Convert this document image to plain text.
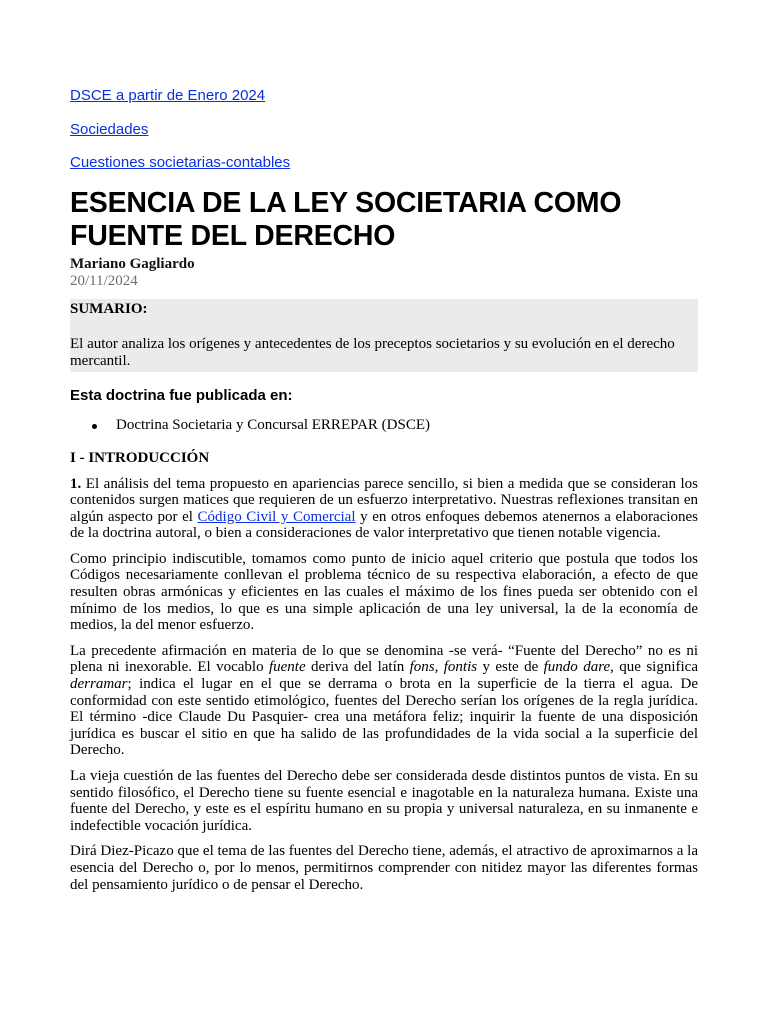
DSCE a partir de Enero 2024
Sociedades
Cuestiones societarias-contables
ESENCIA DE LA LEY SOCIETARIA COMO FUENTE DEL DERECHO
Mariano Gagliardo
20/11/2024

SUMARIO:

El autor analiza los orígenes y antecedentes de los preceptos societarios y su evolución en el derecho mercantil.

Esta doctrina fue publicada en:
Doctrina Societaria y Concursal ERREPAR (DSCE)
I - INTRODUCCIÓN

1. El análisis del tema propuesto en apariencias parece sencillo, si bien a medida que se consideran los contenidos surgen matices que requieren de un esfuerzo interpretativo. Nuestras reflexiones transitan en algún aspecto por el Código Civil y Comercial y en otros enfoques debemos atenernos a elaboraciones de la doctrina autoral, o bien a consideraciones de valor interpretativo que tienen notable vigencia.

Como principio indiscutible, tomamos como punto de inicio aquel criterio que postula que todos los Códigos necesariamente conllevan el problema técnico de su respectiva elaboración, a efecto de que resulten obras armónicas y eficientes en las cuales el máximo de los fines pueda ser obtenido con el mínimo de los medios, lo que es una simple aplicación de una ley universal, la de la economía de medios, la del menor esfuerzo.

La precedente afirmación en materia de lo que se denomina -se verá- “Fuente del Derecho” no es ni plena ni inexorable. El vocablo fuente deriva del latín fons, fontis y este de fundo dare, que significa derramar; indica el lugar en el que se derrama o brota en la superficie de la tierra el agua. De conformidad con este sentido etimológico, fuentes del Derecho serían los orígenes de la regla jurídica. El término -dice Claude Du Pasquier- crea una metáfora feliz; inquirir la fuente de una disposición jurídica es buscar el sitio en que ha salido de las profundidades de la vida social a la superficie del Derecho.

La vieja cuestión de las fuentes del Derecho debe ser considerada desde distintos puntos de vista. En su sentido filosófico, el Derecho tiene su fuente esencial e inagotable en la naturaleza humana. Existe una fuente del Derecho, y este es el espíritu humano en su propia y universal naturaleza, en su inmanente e indefectible vocación jurídica.

Dirá Diez-Picazo que el tema de las fuentes del Derecho tiene, además, el atractivo de aproximarnos a la esencia del Derecho o, por lo menos, permitirnos comprender con nitidez mayor las diferentes formas del pensamiento jurídico o de pensar el Derecho.
